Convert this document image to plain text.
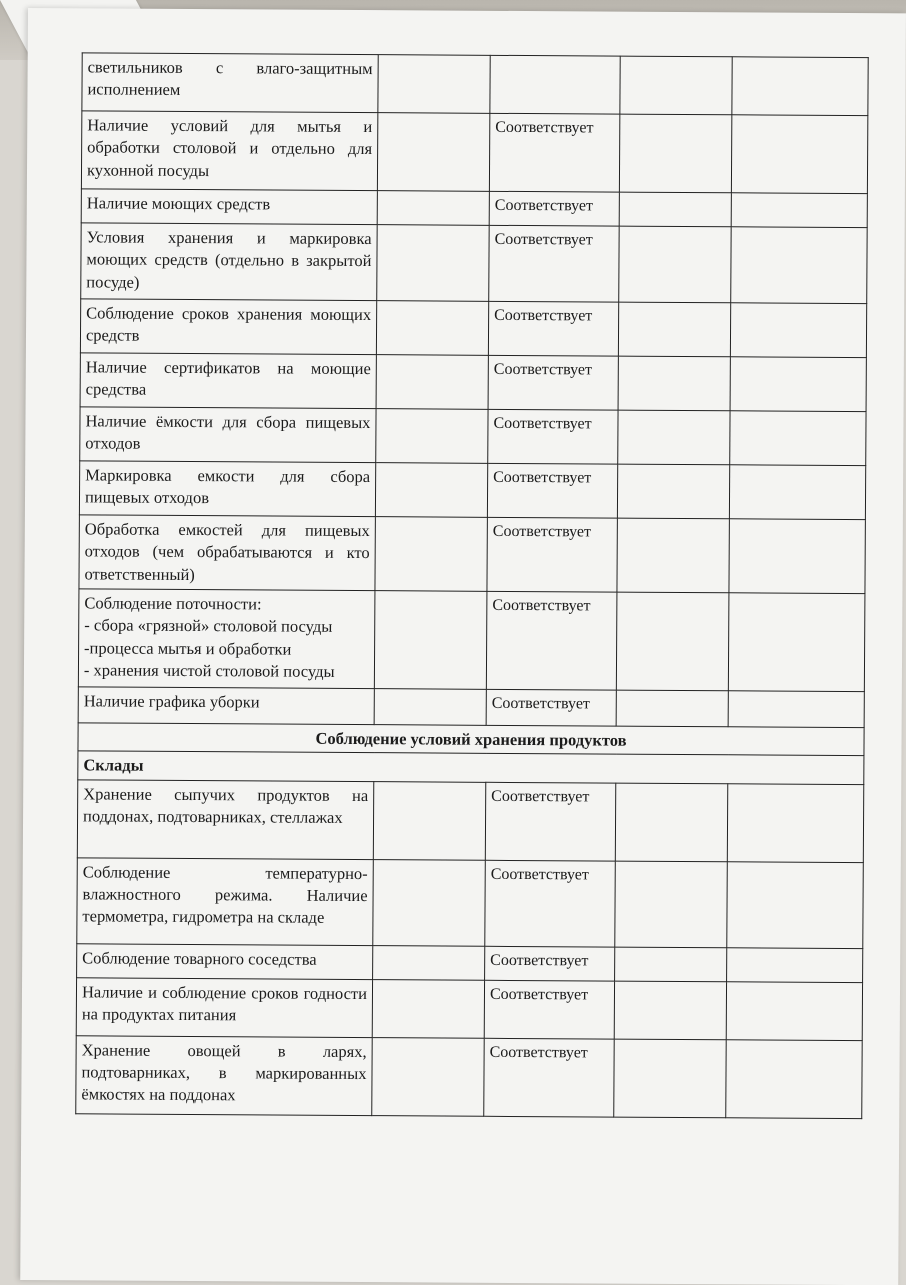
светильников с влаго-защитным исполнением				
Наличие условий для мытья и обработки столовой и отдельно для кухонной посуды		Соответствует		
Наличие моющих средств		Соответствует		
Условия хранения и маркировка моющих средств (отдельно в закрытой посуде)		Соответствует		
Соблюдение сроков хранения моющих средств		Соответствует		
Наличие сертификатов на моющие средства		Соответствует		
Наличие ёмкости для сбора пищевых отходов		Соответствует		
Маркировка емкости для сбора пищевых отходов		Соответствует		
Обработка емкостей для пищевых отходов (чем обрабатываются и кто ответственный)		Соответствует		

Соблюдение поточности:
- сбора «грязной» столовой посуды
-процесса мытья и обработки
- хранения чистой столовой посуды		Соответствует		
Наличие графика уборки		Соответствует		
Соблюдение условий хранения продуктов				
Склады				
Хранение сыпучих продуктов на поддонах, подтоварниках, стеллажах		Соответствует		
Соблюдение температурно-влажностного режима. Наличие термометра, гидрометра на складе		Соответствует		
Соблюдение товарного соседства		Соответствует		
Наличие и соблюдение сроков годности на продуктах питания		Соответствует		
Хранение овощей в ларях, подтоварниках, в маркированных ёмкостях на поддонах		Соответствует		
